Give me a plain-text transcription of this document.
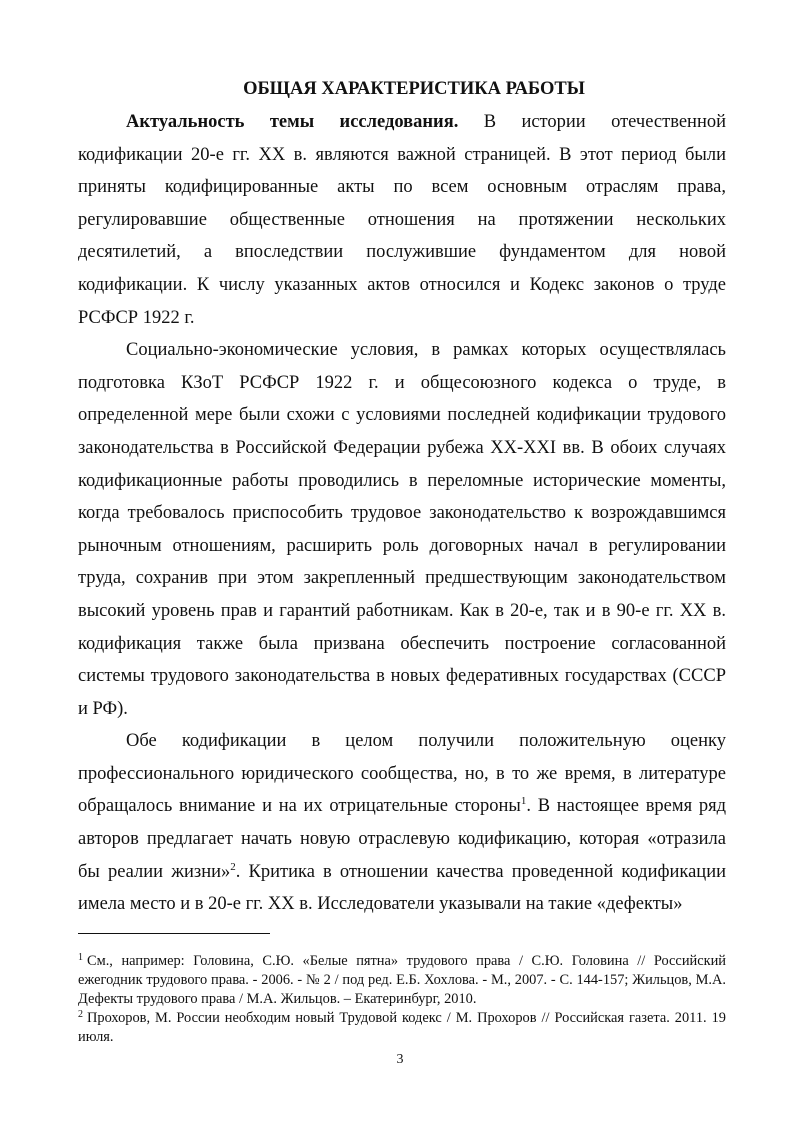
ОБЩАЯ ХАРАКТЕРИСТИКА РАБОТЫ

Актуальность темы исследования. В истории отечественной кодификации 20-е гг. XX в. являются важной страницей. В этот период были приняты кодифицированные акты по всем основным отраслям права, регулировавшие общественные отношения на протяжении нескольких десятилетий, а впоследствии послужившие фундаментом для новой кодификации. К числу указанных актов относился и Кодекс законов о труде РСФСР 1922 г.

Социально-экономические условия, в рамках которых осуществлялась подготовка КЗоТ РСФСР 1922 г. и общесоюзного кодекса о труде, в определенной мере были схожи с условиями последней кодификации трудового законодательства в Российской Федерации рубежа XX-XXI вв. В обоих случаях кодификационные работы проводились в переломные исторические моменты, когда требовалось приспособить трудовое законодательство к возрождавшимся рыночным отношениям, расширить роль договорных начал в регулировании труда, сохранив при этом закрепленный предшествующим законодательством высокий уровень прав и гарантий работникам. Как в 20-е, так и в 90-е гг. XX в. кодификация также была призвана обеспечить построение согласованной системы трудового законодательства в новых федеративных государствах (СССР и РФ).

Обе кодификации в целом получили положительную оценку профессионального юридического сообщества, но, в то же время, в литературе обращалось внимание и на их отрицательные стороны$^1$. В настоящее время ряд авторов предлагает начать новую отраслевую кодификацию, которая «отразила бы реалии жизни»$^2$. Критика в отношении качества проведенной кодификации имела место и в 20-е гг. XX в. Исследователи указывали на такие «дефекты»

$^1$ См., например: Головина, С.Ю. «Белые пятна» трудового права / С.Ю. Головина // Российский ежегодник трудового права. - 2006. - № 2 / под ред. Е.Б. Хохлова. - М., 2007. - С. 144-157; Жильцов, М.А. Дефекты трудового права / М.А. Жильцов. – Екатеринбург, 2010.

$^2$ Прохоров, М. России необходим новый Трудовой кодекс / М. Прохоров // Российская газета. 2011. 19 июля.

3
